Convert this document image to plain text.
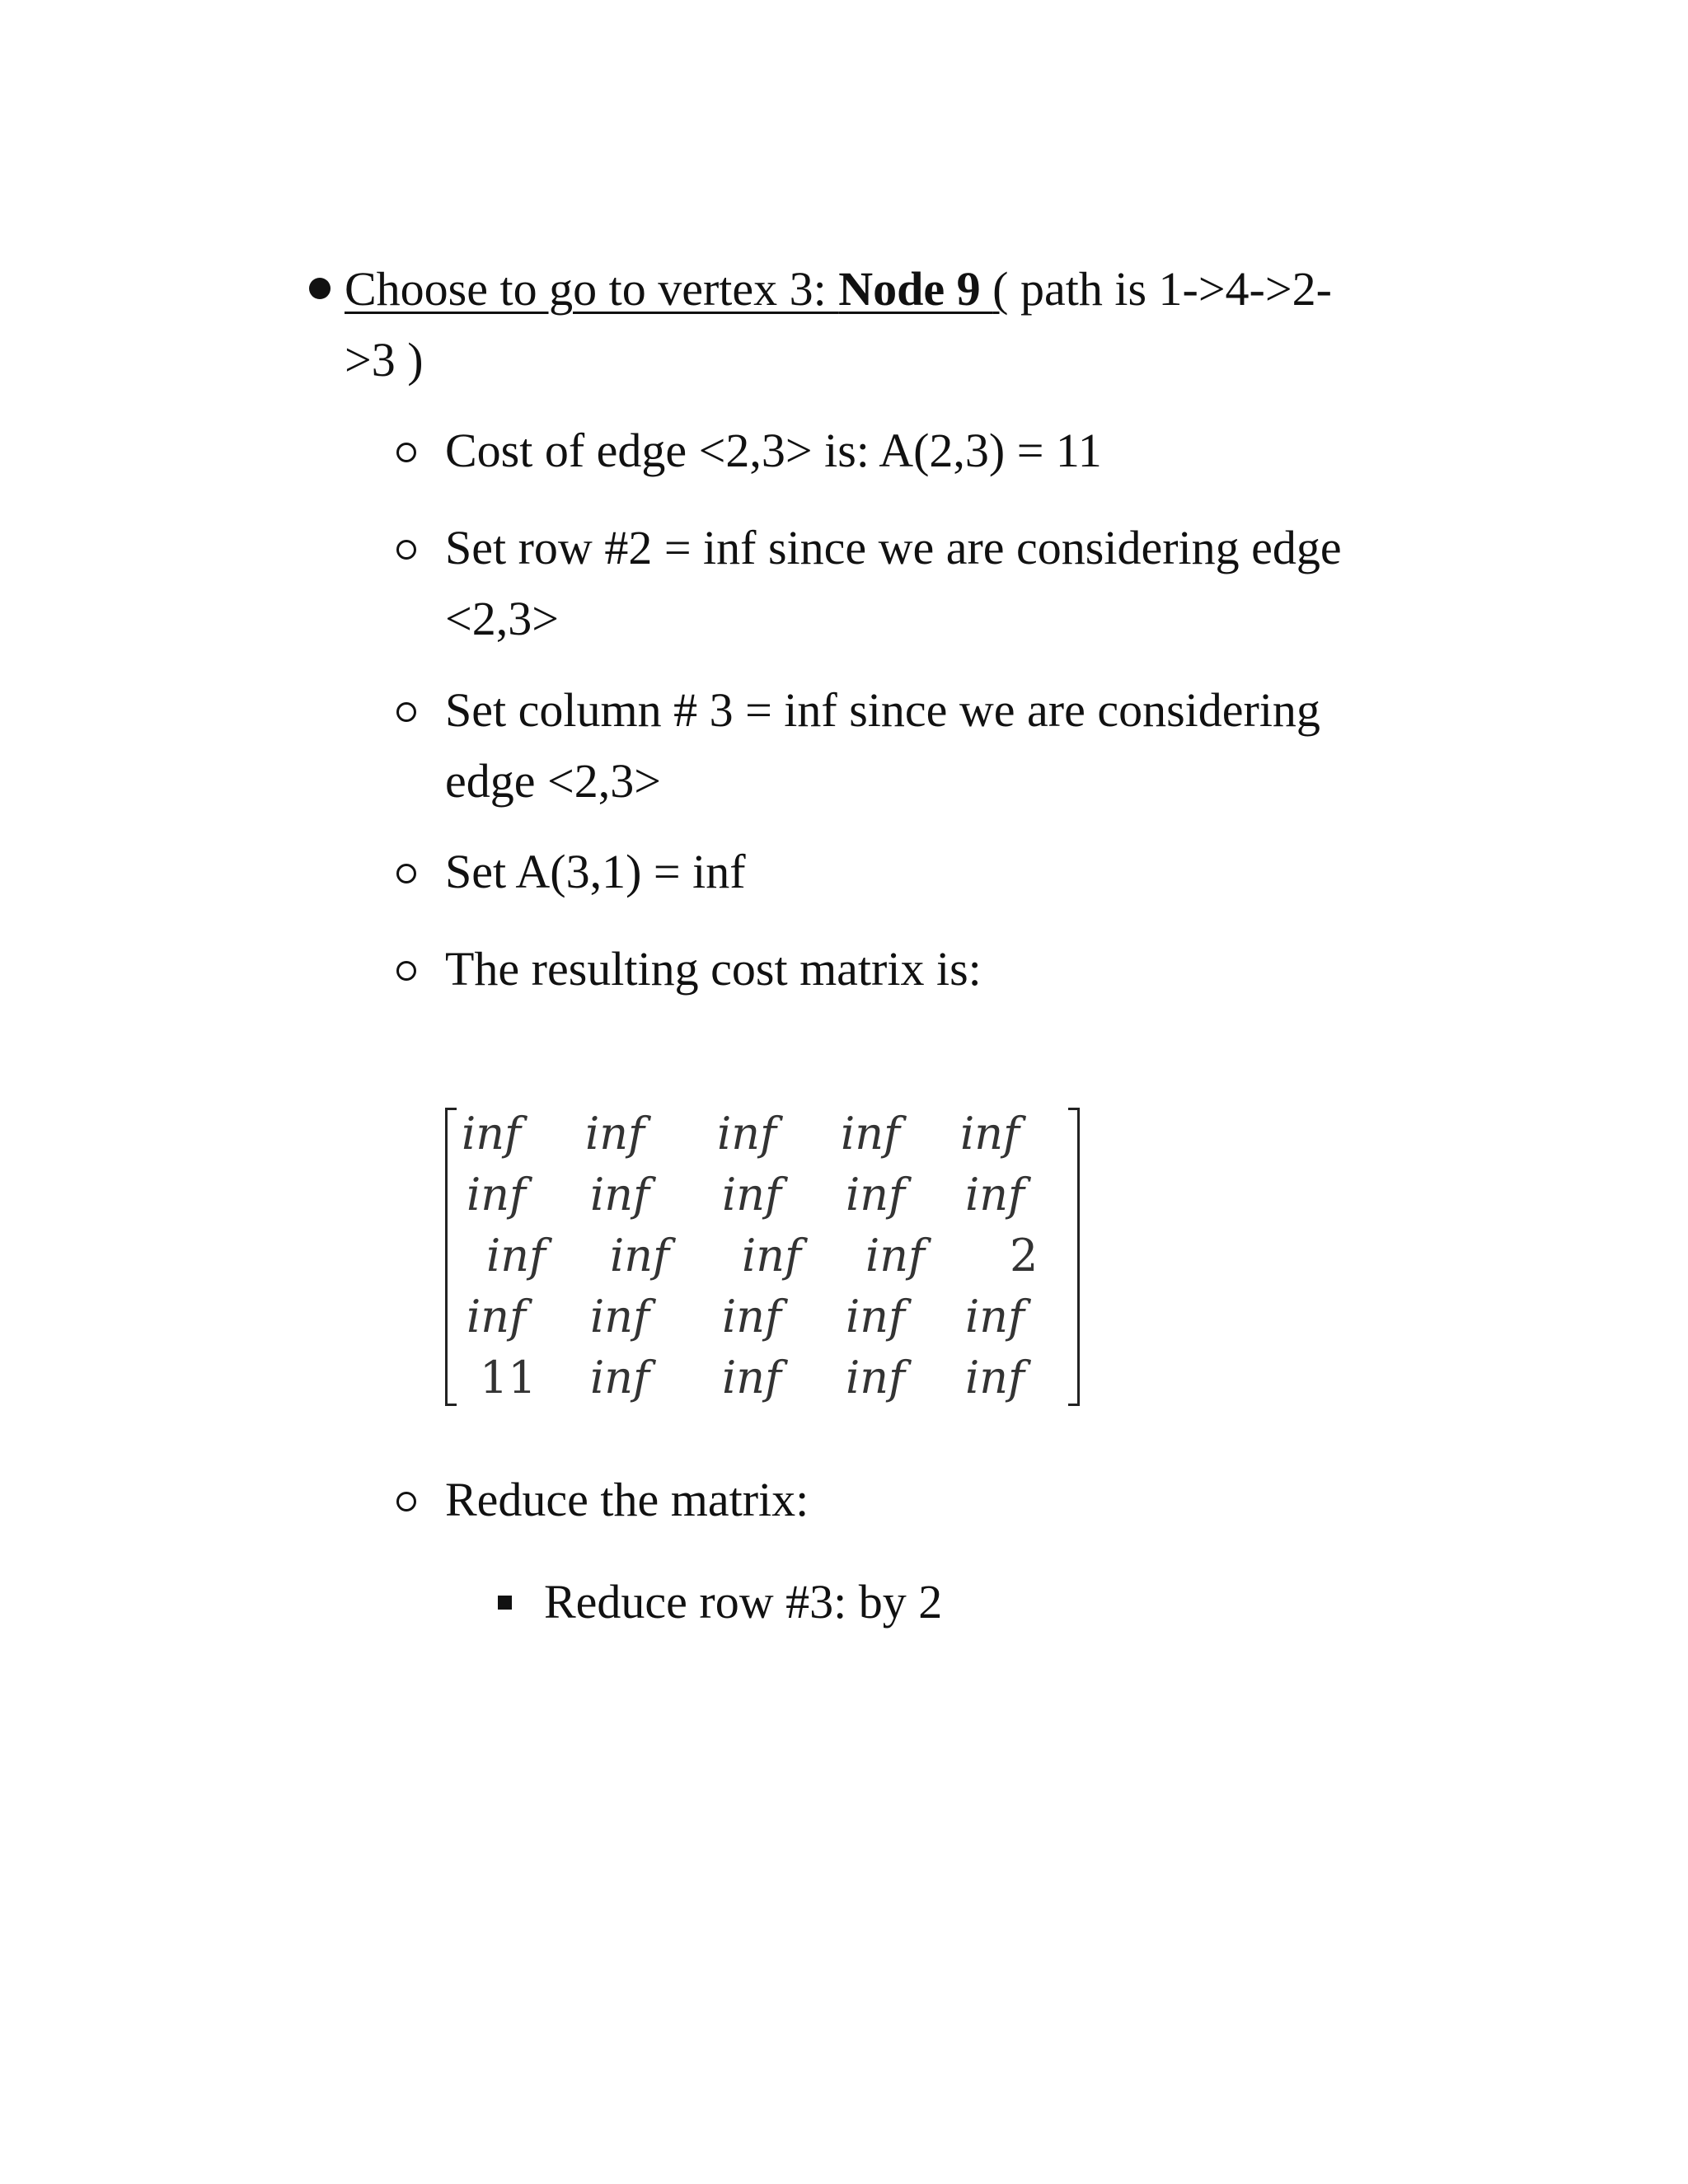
Choose to go to vertex 3: Node 9 ( path is 1->4->2-
>3 )
Cost of edge <2,3> is: A(2,3) = 11
Set row #2 = inf since we are considering edge
<2,3>
Set column # 3 = inf since we are considering
edge <2,3>
Set A(3,1) = inf
The resulting cost matrix is:
inf inf inf inf inf
inf inf inf inf inf
inf inf inf inf 2
inf inf inf inf inf
11 inf inf inf inf
Reduce the matrix:
Reduce row #3: by 2
